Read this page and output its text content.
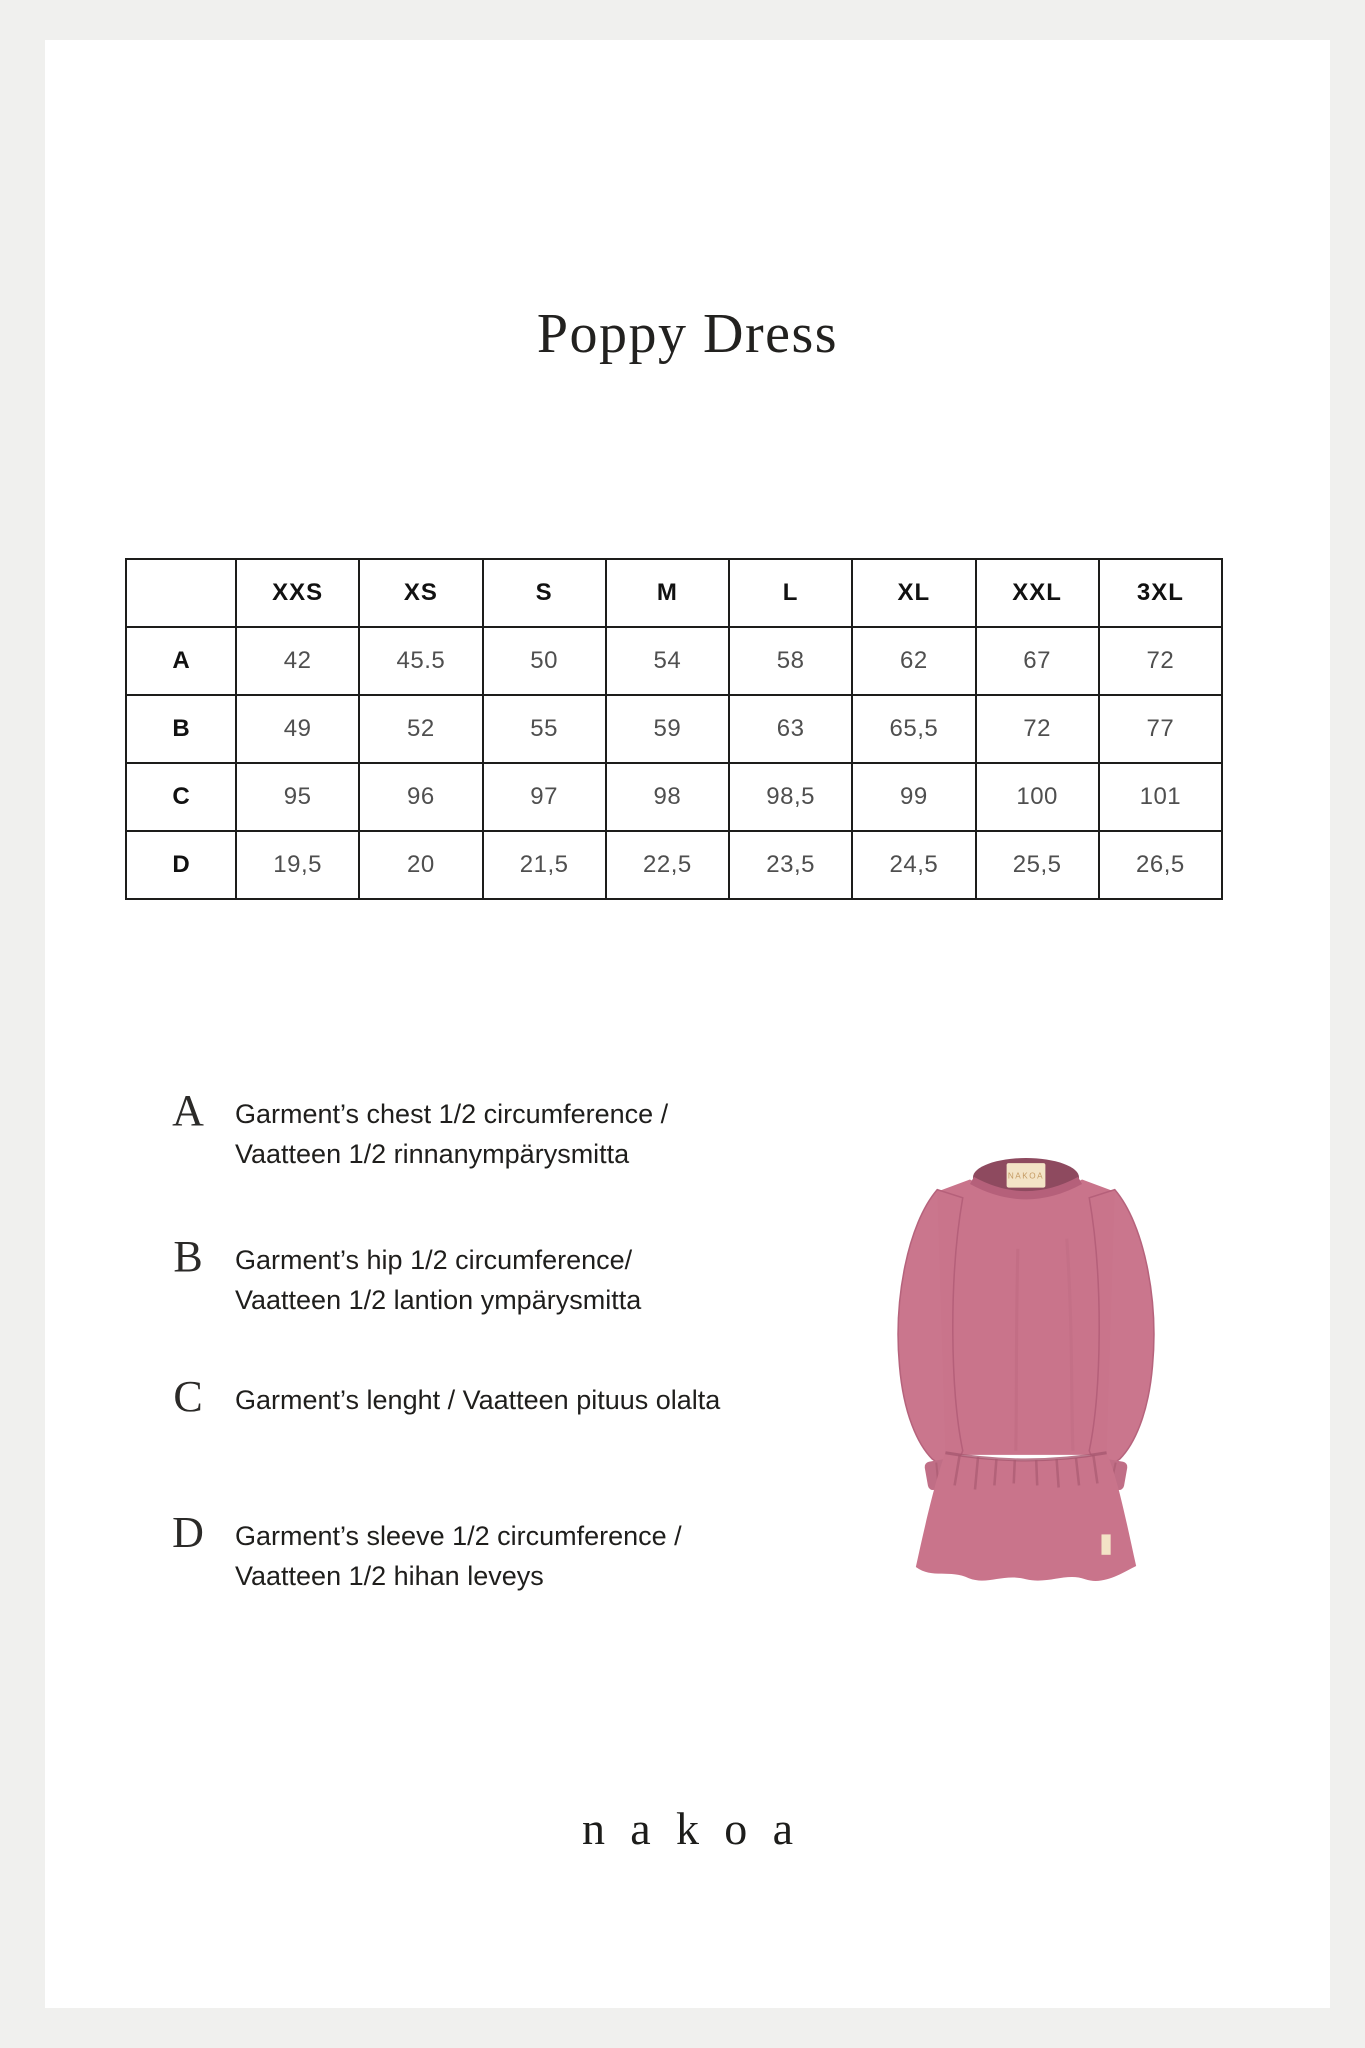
Poppy Dress
	XXS	XS	S	M	L	XL	XXL	3XL
A	42	45.5	50	54	58	62	67	72
B	49	52	55	59	63	65,5	72	77
C	95	96	97	98	98,5	99	100	101
D	19,5	20	21,5	22,5	23,5	24,5	25,5	26,5
A	Garment’s chest 1/2 circumference /

Vaatteen 1/2 rinnanympärysmitta

B	Garment’s hip 1/2 circumference/

Vaatteen 1/2 lantion ympärysmitta

C	Garment’s lenght / Vaatteen pituus olalta

D	Garment’s sleeve 1/2 circumference /

Vaatteen 1/2 hihan leveys

NAKOA

nakoa
